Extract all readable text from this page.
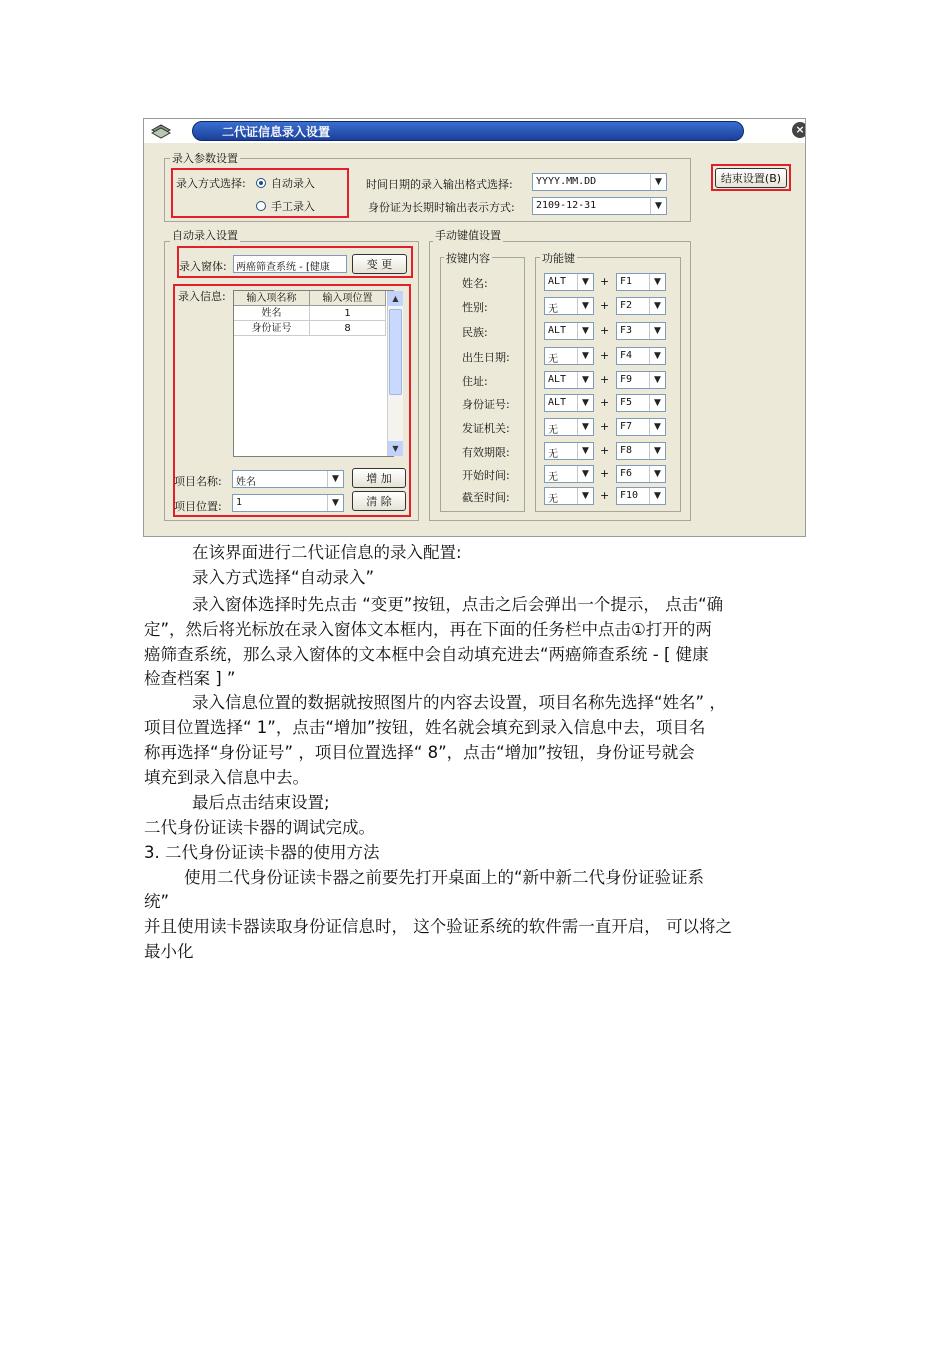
二代证信息录入设置	×
录入参数设置
录入方式选择: 自动录入
手工录入
时间日期的录入输出格式选择: YYYY.MM.DD	▼
身份证为长期时输出表示方式: 2109-12-31	▼
结束设置(B)
自动录入设置
录入窗体: 两癌筛查系统 - [健康	变 更
录入信息:	输入项名称	输入项位置
姓名	1
身份证号	8
▲
▼
项目名称: 姓名	▼	增 加
项目位置: 1	▼	清 除
手动键值设置
按键内容	功能键
姓名:	ALT	▼	+ F1	▼
性别:	无	▼	+ F2	▼
民族:	ALT	▼	+ F3	▼
出生日期:	无	▼	+ F4	▼
住址:	ALT	▼	+ F9	▼
身份证号:	ALT	▼	+ F5	▼
发证机关:	无	▼	+ F7	▼
有效期限:	无	▼	+ F8	▼
开始时间:	无	▼	+ F6	▼
截至时间:	无	▼	+ F10	▼
在该界面进行二代证信息的录入配置:
录入方式选择“自动录入”
录入窗体选择时先点击 “变更”按钮，点击之后会弹出一个提示， 点击“确
定”，然后将光标放在录入窗体文本框内，再在下面的任务栏中点击①打开的两
癌筛查系统，那么录入窗体的文本框中会自动填充进去“两癌筛查系统 - [ 健康
检查档案 ] ”
录入信息位置的数据就按照图片的内容去设置，项目名称先选择“姓名” ，
项目位置选择“ 1”，点击“增加”按钮，姓名就会填充到录入信息中去，项目名
称再选择“身份证号” ，项目位置选择“ 8”，点击“增加”按钮，身份证号就会
填充到录入信息中去。
最后点击结束设置;
二代身份证读卡器的调试完成。
3. 二代身份证读卡器的使用方法
使用二代身份证读卡器之前要先打开桌面上的“新中新二代身份证验证系
统”
并且使用读卡器读取身份证信息时， 这个验证系统的软件需一直开启， 可以将之
最小化
